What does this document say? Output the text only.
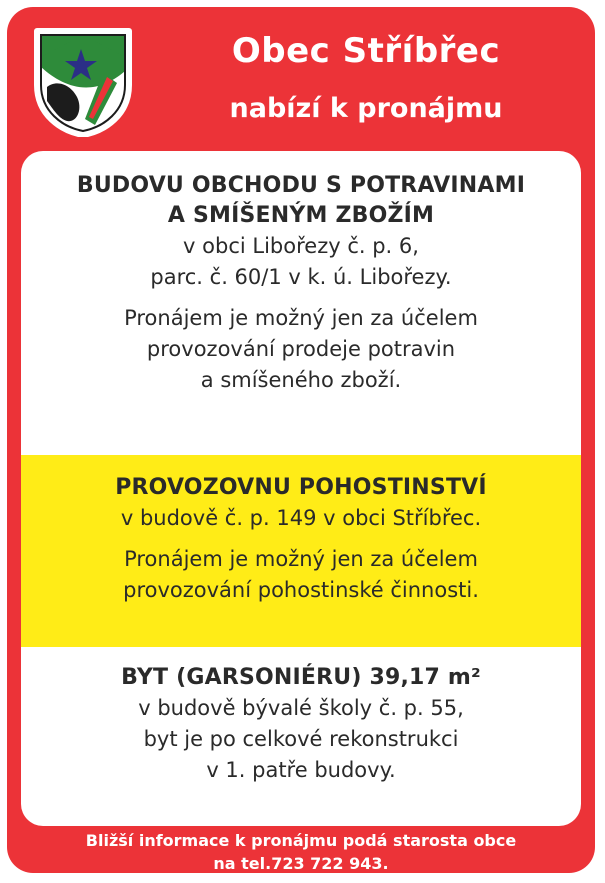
Obec Stříbřec
nabízí k pronájmu
BUDOVU OBCHODU S POTRAVINAMI
A SMÍŠENÝM ZBOŽÍM
v obci Libořezy č. p. 6,
parc. č. 60/1 v k. ú. Libořezy.
Pronájem je možný jen za účelem
provozování prodeje potravin
a smíšeného zboží.
PROVOZOVNU POHOSTINSTVÍ
v budově č. p. 149 v obci Stříbřec.
Pronájem je možný jen za účelem
provozování pohostinské činnosti.
BYT (GARSONIÉRU) 39,17 m²
v budově bývalé školy č. p. 55,
byt je po celkové rekonstrukci
v 1. patře budovy.
Bližší informace k pronájmu podá starosta obce
na tel.723 722 943.
